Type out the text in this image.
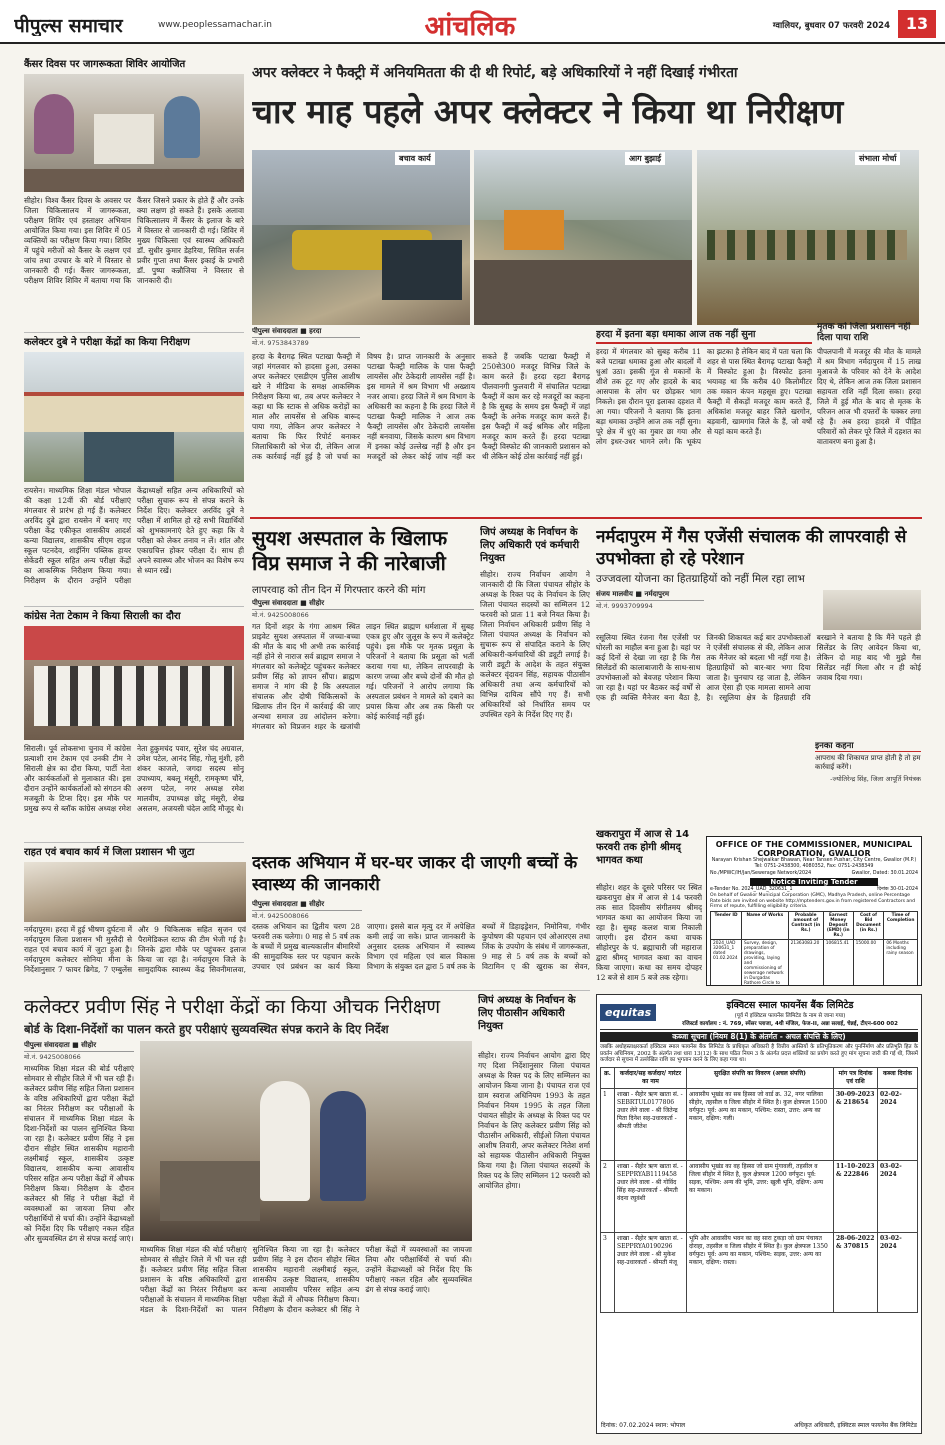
पीपुल्स समाचार	www.peoplessamachar.in	आंचलिक	ग्वालियर, बुधवार 07 फरवरी 2024 13
कैंसर दिवस पर जागरूकता शिविर आयोजित
सीहोर। विश्व कैंसर दिवस के अवसर पर जिला चिकित्सालय में जागरूकता, परीक्षण शिविर एवं हस्ताक्षर अभियान आयोजित किया गया। इस शिविर में 05 व्यक्तियों का परीक्षण किया गया। शिविर में पहुंचे मरीजों को कैंसर के लक्षण एवं जांच तथा उपचार के बारे में विस्तार से जानकारी दी गई। कैंसर जागरूकता, परीक्षण शिविर शिविर में बताया गया कि कैंसर जिसने प्रकार के होते हैं और उनके क्या लक्षण हो सकते हैं। इसके अलावा चिकित्सालय में कैंसर के इलाज के बारे में विस्तार से जानकारी दी गई। शिविर में मुख्य चिकित्सा एवं स्वास्थ्य अधिकारी डॉ. सुधीर कुमार डेहरिया, सिविल सर्जन प्रवीर गुप्ता तथा कैंसर इकाई के प्रभारी डॉ. पुष्पा कन्नौजिया ने विस्तार से जानकारी दी।
कलेक्टर दुबे ने परीक्षा केंद्रों का किया निरीक्षण
रायसेन। माध्यमिक शिक्षा मंडल भोपाल की कक्षा 12वीं की बोर्ड परीक्षाएं मंगलवार से प्रारंभ हो गई हैं। कलेक्टर अरविंद दुबे द्वारा रायसेन में बनाए गए परीक्षा केंद्र एकीकृत शासकीय आदर्श कन्या विद्यालय, शासकीय सीएम राइज स्कूल पटनदेव, शाईनिंग पब्लिक हायर सेकेंडरी स्कूल सहित अन्य परीक्षा केंद्रों का आकस्मिक निरीक्षण किया गया। निरीक्षण के दौरान उन्होंने परीक्षा केंद्राध्यक्षों सहित अन्य अधिकारियों को परीक्षा सुचारू रूप से संपन्न कराने के निर्देश दिए। कलेक्टर अरविंद दुबे ने परीक्षा में शामिल हो रहे सभी विद्यार्थियों को शुभकामनाएं देते हुए कहा कि वे परीक्षा को लेकर तनाव न लें। शांत और एकाग्रचित्त होकर परीक्षा दें। साथ ही अपने स्वास्थ्य और भोजन का विशेष रूप से ध्यान रखें।
कांग्रेस नेता टेकाम ने किया सिराली का दौरा
सिराली। पूर्व लोकसभा चुनाव में कांग्रेस प्रत्याशी राम टेकाम एवं उनकी टीम ने सिराली क्षेत्र का दौरा किया, पार्टी नेता और कार्यकर्ताओं से मुलाकात की। इस दौरान उन्होंने कार्यकर्ताओं को संगठन की मजबूती के टिप्स दिए। इस मौके पर प्रमुख रूप से ब्लॉक कांग्रेस अध्यक्ष रमेश नेता हुकुमचंद पवार, सुरेश चंद अग्रवाल, उमेश पटेल, आनंद सिंह, गोलू मुंशी, हरी शंकर काजले, जगदा सदस्य सोनू उपाध्याय, बबलू मंसूरी, रामकृष्ण चौरे, अरुण पटेल, नगर अध्यक्ष रमेश मालवीय, उपाध्यक्ष छोटू मंसूरी, शेख असलम, अजयसी चंदेल आदि मौजूद थे।
राहत एवं बचाव कार्य में जिला प्रशासन भी जुटा
नर्मदापुरम। हरदा में हुई भीषण दुर्घटना में नर्मदापुरम जिला प्रशासन भी मुस्तैदी से राहत एवं बचाव कार्य में जुटा हुआ है। नर्मदापुरम कलेक्टर सोनिया मीना के निर्देशानुसार 7 फायर ब्रिगेड, 7 एम्बुलेंस और 9 चिकित्सक सहित सृजन एवं पैरामेडिकल स्टाफ की टीम भेजी गई है। जिनके द्वारा मौके पर पहुंचकर इलाज किया जा रहा है। नर्मदापुरम जिले के सामुदायिक स्वास्थ्य केंद्र सिवनीमालवा,
अपर क्लेक्टर ने फैक्ट्री में अनियमितता की दी थी रिपोर्ट, बड़े अधिकारियों ने नहीं दिखाई गंभीरता
चार माह पहले अपर क्लेक्टर ने किया था निरीक्षण
बचाव कार्य	आग बुझाई	संभाला मोर्चा
पीपुल्स संवाददाता ■ हरदा
मो.नं. 9753843789
हरदा के बैरागढ़ स्थित पटाखा फैक्ट्री में जहां मंगलवार को हादसा हुआ, उसका अपर कलेक्टर एसडीएम पुलिस आशीष खरे ने मीडिया के समक्ष आकस्मिक निरीक्षण किया था, तब अपर कलेक्टर ने कहा था कि स्टाक से अधिक करोड़ों का माल और लायसेंस से अधिक बारूद पाया गया, लेकिन अपर कलेक्टर ने बताया कि फिर रिपोर्ट बनाकर जिलाधिकारी को भेज दी, लेकिन आज तक कार्रवाई नहीं हुई है जो चर्चा का विषय है। प्राप्त जानकारी के अनुसार पटाखा फैक्ट्री मालिक के पास फैक्ट्री लायसेंस और ठेकेदारी लायसेंस नहीं है। इस मामले में श्रम विभाग भी अख्शाय नजर आया। हरदा जिले में श्रम विभाग के अधिकारी का कहना है कि हरदा जिले में पटाखा फैक्ट्री मालिक ने आज तक फैक्ट्री लायसेंस और ठेकेदारी लायसेंस नहीं बनवाया, जिसके कारण श्रम विभाग में इनका कोई उल्लेख नहीं है और इन मजदूरों को लेकर कोई जांच नहीं कर सकते हैं जबकि पटाखा फैक्ट्री में 250से300 मजदूर विभिन्न जिले के काम करते हैं। हरदा रहटा बैरागढ़ पीलवानगी फुलवारी में संचालित पटाखा फैक्ट्री में काम कर रहे मजदूरों का कहना है कि सुबह के समय इस फैक्ट्री में जहां फैक्ट्री के अनेक मजदूर काम करते हैं। इस फैक्ट्री में कई श्रमिक और महिला मजदूर काम करते हैं। हरदा पटाखा फैक्ट्री विस्फोट की जानकारी प्रशासन को थी लेकिन कोई ठोस कार्रवाई नहीं हुई।
हरदा में इतना बड़ा धमाका आज तक नहीं सुना
हरदा में मंगलवार को सुबह करीब 11 बजे पटाखा धमाका हुआ और बादलों में धुआं उठा। इसकी गूंज से मकानों के शीशे तक टूट गए और हादसे के बाद आसपास के लोग घर छोड़कर भाग निकले। इस दौरान पूरा इलाका दहशत में आ गया। परिजनों ने बताया कि इतना बड़ा धमाका उन्होंने आज तक नहीं सुना। पूरे क्षेत्र में धुएं का गुबार छा गया और लोग इधर-उधर भागने लगे। कि भूकंप का झटका है लेकिन बाद में पता चला कि शहर से पास स्थित बैरागढ़ पटाखा फैक्ट्री में विस्फोट हुआ है। विस्फोट इतना भयावह था कि करीब 40 किलोमीटर तक मकान कंपन महसूस हुए। पटाखा फैक्ट्री में सैकड़ों मजदूर काम करते हैं, अधिकांश मजदूर बाहर जिले खरगोन, बड़वानी, खामगांव जिले के हैं, जो वर्षों से यहां काम करते हैं।
मृतक को जिला प्रशासन नहीं दिला पाया राशि
पीपलपानी में मजदूर की मौत के मामले में श्रम विभाग नर्मदापुरम में 15 लाख मुआवजे के परिवार को देने के आदेश दिए थे, लेकिन आज तक जिला प्रशासन सहायता राशि नहीं दिला सका। हरदा जिले में हुई मौत के बाद से मृतक के परिजन आज भी दफ्तरों के चक्कर लगा रहे हैं। अब हरदा हादसे में पीड़ित परिवारों को लेकर पूरे जिले में दहशत का वातावरण बना हुआ है।
सुयश अस्पताल के खिलाफ विप्र समाज ने की नारेबाजी
लापरवाह को तीन दिन में गिरफ्तार करने की मांग
पीपुल्स संवाददाता ■ सीहोर
मो.नं. 9425008066
गत दिनों शहर के गंगा आश्रम स्थित प्राइवेट सुयश अस्पताल में जच्चा-बच्चा की मौत के बाद भी अभी तक कार्रवाई नहीं होने से नाराज सर्व ब्राह्मण समाज ने मंगलवार को कलेक्ट्रेट पहुंचकर कलेक्टर प्रवीण सिंह को ज्ञापन सौंपा। ब्राह्मण समाज ने मांग की है कि अस्पताल संचालक और दोषी चिकित्सकों के खिलाफ तीन दिन में कार्रवाई की जाए अन्यथा समाज उग्र आंदोलन करेगा। मंगलवार को विप्रजन शहर के खजांची लाइन स्थित ब्राह्मण धर्मशाला में सुबह एकत्र हुए और जुलूस के रूप में कलेक्ट्रेट पहुंचे। इस मौके पर मृतक प्रसूता के परिजनों ने बताया कि प्रसूता को भर्ती कराया गया था, लेकिन लापरवाही के कारण जच्चा और बच्चे दोनों की मौत हो गई। परिजनों ने आरोप लगाया कि अस्पताल प्रबंधन ने मामले को दबाने का प्रयास किया और अब तक किसी पर कोई कार्रवाई नहीं हुई।
जिपं अध्यक्ष के निर्वाचन के लिए अधिकारी एवं कर्मचारी नियुक्त
सीहोर। राज्य निर्वाचन आयोग ने जानकारी दी कि जिला पंचायत सीहोर के अध्यक्ष के रिक्त पद के निर्वाचन के लिए जिला पंचायत सदस्यों का सम्मिलन 12 फरवरी को प्रातः 11 बजे नियत किया है। जिला निर्वाचन अधिकारी प्रवीण सिंह ने जिला पंचायत अध्यक्ष के निर्वाचन को सुचारू रूप से संपादित कराने के लिए अधिकारी-कर्मचारियों की ड्यूटी लगाई है। जारी ड्यूटी के आदेश के तहत संयुक्त कलेक्टर वृंदावन सिंह, सहायक पीठासीन अधिकारी तथा अन्य कर्मचारियों को विभिन्न दायित्व सौंपे गए हैं। सभी अधिकारियों को निर्धारित समय पर उपस्थित रहने के निर्देश दिए गए हैं।
दस्तक अभियान में घर-घर जाकर दी जाएगी बच्चों के स्वास्थ्य की जानकारी
पीपुल्स संवाददाता ■ सीहोर
मो.नं. 9425008066
दस्तक अभियान का द्वितीय चरण 28 फरवरी तक चलेगा। 0 माह से 5 वर्ष तक के बच्चों में प्रमुख बाल्यकालीन बीमारियों की सामुदायिक स्तर पर पहचान करके उपचार एवं प्रबंधन का कार्य किया जाएगा। इससे बाल मृत्यु दर में अपेक्षित कमी लाई जा सके। प्राप्त जानकारी के अनुसार दस्तक अभियान में स्वास्थ्य विभाग एवं महिला एवं बाल विकास विभाग के संयुक्त दल द्वारा 5 वर्ष तक के बच्चों में डिहाइड्रेशन, निमोनिया, गंभीर कुपोषण की पहचान एवं ओआरएस तथा जिंक के उपयोग के संबंध में जागरूकता, 9 माह से 5 वर्ष तक के बच्चों को विटामिन ए की खुराक का सेवन,
नर्मदापुरम में गैस एजेंसी संचालक की लापरवाही से उपभोक्ता हो रहे परेशान
उज्जवला योजना का हितग्राहियों को नहीं मिल रहा लाभ
संजय मालवीय ■ नर्मदापुरम
मो.नं. 9993709994
रसूलिया स्थित रंजना गैस एजेंसी पर घोरली का माहौल बना हुआ है। यहां पर कई दिनों से देखा जा रहा है कि गैस सिलेंडरों की कालाबाजारी के साथ-साथ उपभोक्ताओं को बेवजह परेशान किया जा रहा है। यहां पर बैठकर कई वर्षों से एक ही व्यक्ति मैनेजर बना बैठा है, जिनकी शिकायत कई बार उपभोक्ताओं ने एजेंसी संचालक से की, लेकिन आज तक मैनेजर को बदला भी नहीं गया है। हितग्राहियों को बार-बार भगा दिया जाता है। चुनचाप रह जाता है, लेकिन आज ऐसा ही एक मामला सामने आया है। रसूलिया क्षेत्र के हितग्राही रवि बरखाने ने बताया है कि मैंने पहले ही सिलेंडर के लिए आवेदन किया था, लेकिन दो माह बाद भी मुझे गैस सिलेंडर नहीं मिला और न ही कोई जवाब दिया गया।
इनका कहना
आपराध की शिकायत प्राप्त होती है तो हम कार्रवाई करेंगे।
-ज्योतिरेन्द्र सिंह, जिला आपूर्ति नियंत्रक
खकरापुरा में आज से 14 फरवरी तक होगी श्रीमद् भागवत कथा
सीहोर। शहर के दूसरे परिसर पर स्थित खकरापुरा क्षेत्र में आज से 14 फरवरी तक सात दिवसीय संगीतमय श्रीमद् भागवत कथा का आयोजन किया जा रहा है। सुबह कलश यात्रा निकाली जाएगी। इस दौरान कथा वाचक सीहोरपुर के पं. ब्रह्माचारी जी महाराज द्वारा श्रीमद् भागवत कथा का वाचन किया जाएगा। कथा का समय दोपहर 12 बजे से शाम 5 बजे तक रहेगा।
OFFICE OF THE COMMISSIONER, MUNICIPAL CORPORATION, GWALIOR
Narayan Krishan Shejwalkar Bhawan, Near Tansen Pushar, City Centre, Gwalior (M.P.)
Tel: 0751-2438300, 4080352, Fax: 0751-2438349
No./MPWC/IH/Jan/Sewerage Network/2024	Gwalior, Dated: 30.01.2024
Notice Inviting Tender
e-Tender No. 2024_UAD_320631_1	दिनांक 30-01-2024
On behalf of Gwalior Municipal Corporation (GMC), Madhya Pradesh, online Percentage Rate bids are invited on website http://mptenders.gov.in from registered Contractors and Firms of repute, fulfilling eligibility criteria.
Tender ID	Name of Works	Probable amount of Contract (in Rs.)	Earnest Money Deposit (EMD) (in Rs.)	Cost of Bid Document (in Rs.)	Time of Completion
2024_UAD 320631_1 dated 01.02.2024	Survey, design, preparation of drawings, providing, laying and commissioning of sewerage network in Durgadas Rathore Circle to	21363083.20	106815.41	15000.00	06 Months including rainy season
कलेक्टर प्रवीण सिंह ने परीक्षा केंद्रों का किया औचक निरीक्षण
बोर्ड के दिशा-निर्देशों का पालन करते हुए परीक्षाएं सुव्यवस्थित संपन्न कराने के दिए निर्देश
पीपुल्स संवाददाता ■ सीहोर
मो.नं. 9425008066
माध्यमिक शिक्षा मंडल की बोर्ड परीक्षाएं सोमवार से सीहोर जिले में भी चल रही हैं। कलेक्टर प्रवीण सिंह सहित जिला प्रशासन के वरिष्ठ अधिकारियों द्वारा परीक्षा केंद्रों का निरंतर निरीक्षण कर परीक्षाओं के संचालन में माध्यमिक शिक्षा मंडल के दिशा-निर्देशों का पालन सुनिश्चित किया जा रहा है। कलेक्टर प्रवीण सिंह ने इस दौरान सीहोर स्थित शासकीय महारानी लक्ष्मीबाई स्कूल, शासकीय उत्कृष्ट विद्यालय, शासकीय कन्या आवासीय परिसर सहित अन्य परीक्षा केंद्रों में औचक निरीक्षण किया। निरीक्षण के दौरान कलेक्टर श्री सिंह ने परीक्षा केंद्रों में व्यवस्थाओं का जायजा लिया और परीक्षार्थियों से चर्चा की। उन्होंने केंद्राध्यक्षों को निर्देश दिए कि परीक्षाएं नकल रहित और सुव्यवस्थित ढंग से संपन्न कराई जाएं।
माध्यमिक शिक्षा मंडल की बोर्ड परीक्षाएं सोमवार से सीहोर जिले में भी चल रही हैं। कलेक्टर प्रवीण सिंह सहित जिला प्रशासन के वरिष्ठ अधिकारियों द्वारा परीक्षा केंद्रों का निरंतर निरीक्षण कर परीक्षाओं के संचालन में माध्यमिक शिक्षा मंडल के दिशा-निर्देशों का पालन सुनिश्चित किया जा रहा है। कलेक्टर प्रवीण सिंह ने इस दौरान सीहोर स्थित शासकीय महारानी लक्ष्मीबाई स्कूल, शासकीय उत्कृष्ट विद्यालय, शासकीय कन्या आवासीय परिसर सहित अन्य परीक्षा केंद्रों में औचक निरीक्षण किया। निरीक्षण के दौरान कलेक्टर श्री सिंह ने परीक्षा केंद्रों में व्यवस्थाओं का जायजा लिया और परीक्षार्थियों से चर्चा की। उन्होंने केंद्राध्यक्षों को निर्देश दिए कि परीक्षाएं नकल रहित और सुव्यवस्थित ढंग से संपन्न कराई जाएं।
जिपं अध्यक्ष के निर्वाचन के लिए पीठासीन अधिकारी नियुक्त
सीहोर। राज्य निर्वाचन आयोग द्वारा दिए गए दिशा निर्देशानुसार जिला पंचायत अध्यक्ष के रिक्त पद के लिए सम्मिलन का आयोजन किया जाना है। पंचायत राज एवं ग्राम स्वराज अधिनियम 1993 के तहत निर्वाचन नियम 1995 के तहत जिला पंचायत सीहोर के अध्यक्ष के रिक्त पद पर निर्वाचन के लिए कलेक्टर प्रवीण सिंह को पीठासीन अधिकारी, सीईओ जिला पंचायत आशीष तिवारी, अपर कलेक्टर नितेश शर्मा को सहायक पीठासीन अधिकारी नियुक्त किया गया है। जिला पंचायत सदस्यों के रिक्त पद के लिए सम्मिलन 12 फरवरी को आयोजित होगा।
equitas
इक्विटस स्माल फायनेंस बैंक लिमिटेड
(पूर्व में इक्विटस फायनेंस लिमिटेड के नाम से जाना गया)
रजिस्टर्ड कार्यालय : नं. 769, स्पेंसर प्लाजा, 4थी मंजिल, फेज-II, अन्ना सलाई, चेन्नई, टीएन-600 002
कब्जा सूचना (नियम 8(1) के अंतर्गत - अचल संपत्ति के लिए)
जबकि अधोहस्ताक्षरकर्ता इक्विटस स्माल फायनेंस बैंक लिमिटेड के प्राधिकृत अधिकारी है वित्तीय आस्तियों के प्रतिभूतिकरण और पुनर्निर्माण और प्रतिभूति हित के प्रवर्तन अधिनियम, 2002 के अंतर्गत तथा धारा 13(12) के साथ पठित नियम 3 के अंतर्गत प्रदत्त शक्तियों का प्रयोग करते हुए मांग सूचना जारी की गई थी, जिसमें कर्जदार से सूचना में उल्लेखित राशि का भुगतान करने के लिए कहा गया था।
क्र.	कर्जदार/सह कर्जदार/ गारंटर का नाम	सुरक्षित संपत्ति का विवरण (अचल संपत्ति)	मांग पत्र दिनांक एवं राशि	कब्जा दिनांक
1	शाखा - सैहोर ऋण खाता सं. - SEBRTUL0177806 उधार लेने वाला - श्री जितेन्द्र पिता दिनेश सह-उधारकर्ता - श्रीमती जीतेश	आवासीय भूखंड का सब हिस्सा जो वार्ड क्र. 32, नगर पालिका सीहोर, तहसील व जिला सीहोर में स्थित है। कुल क्षेत्रफल 1500 वर्गफुट। पूर्व: अन्य का मकान, पश्चिम: रास्ता, उत्तर: अन्य का मकान, दक्षिण: गली।	30-09-2023 & 218654	02-02-2024
2	शाखा - सैहोर ऋण खाता सं. - SEPPRYAB1119458 उधार लेने वाला - श्री गोविंद सिंह सह-उधारकर्ता - श्रीमती वंदना रघुवंशी	आवासीय भूखंड का वह हिस्सा जो ग्राम मुंगावली, तहसील व जिला सीहोर में स्थित है, कुल क्षेत्रफल 1200 वर्गफुट। पूर्व: सड़क, पश्चिम: अन्य की भूमि, उत्तर: खुली भूमि, दक्षिण: अन्य का मकान।	11-10-2023 & 222846	03-02-2024
3	शाखा - सैहोर ऋण खाता सं. - SEPPRYA0190296 उधार लेने वाला - श्री मुकेश सह-उधारकर्ता - श्रीमती मंजू	भूमि और आवासीय भवन का वह सारा टुकड़ा जो ग्राम पंचायत दोराहा, तहसील व जिला सीहोर में स्थित है। कुल क्षेत्रफल 1350 वर्गफुट। पूर्व: अन्य का मकान, पश्चिम: सड़क, उत्तर: अन्य का मकान, दक्षिण: रास्ता।	28-06-2022 & 370815	03-02-2024
दिनांक: 07.02.2024 स्थान: भोपाल	अधिकृत अधिकारी, इक्विटस स्माल फायनेंस बैंक लिमिटेड
